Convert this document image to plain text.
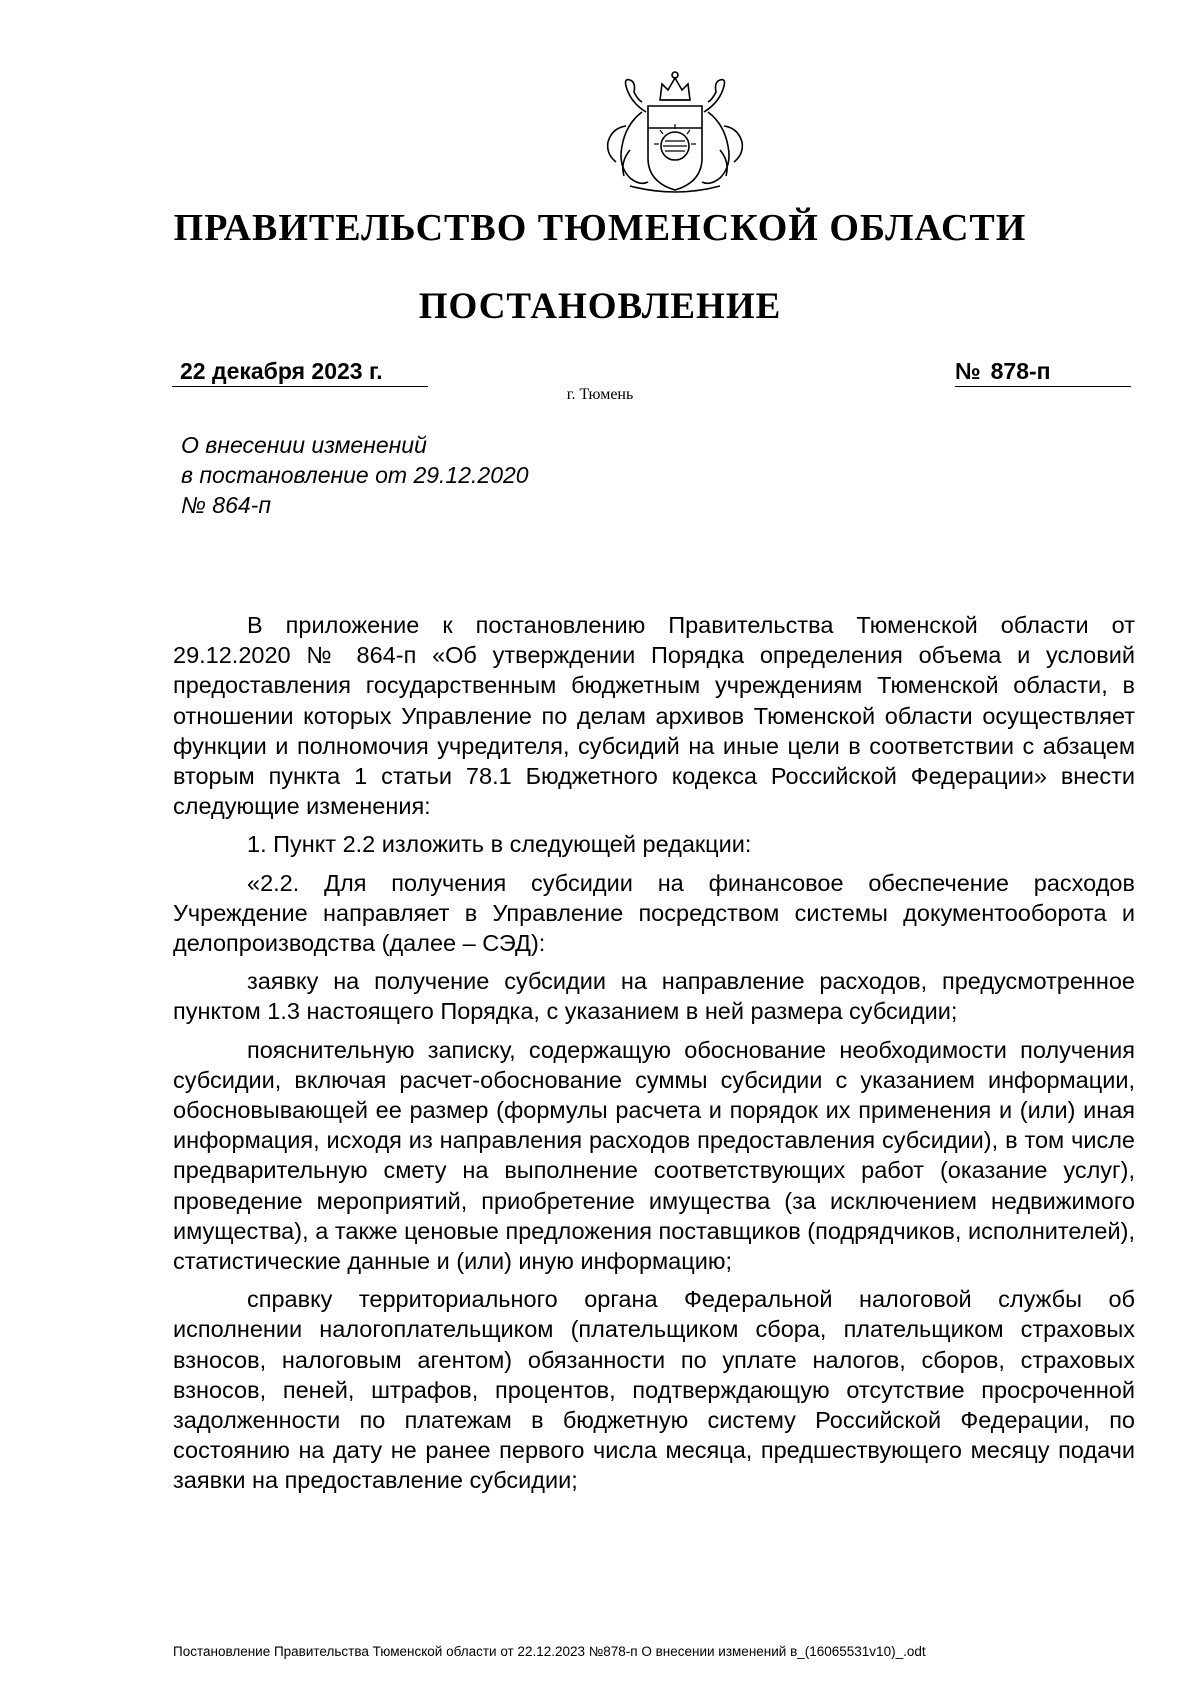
ПРАВИТЕЛЬСТВО ТЮМЕНСКОЙ ОБЛАСТИ
ПОСТАНОВЛЕНИЕ
22 декабря 2023 г.	№ 878-п
г. Тюмень
О внесении изменений
в постановление от 29.12.2020
№ 864-п

В приложение к постановлению Правительства Тюменской области от 29.12.2020 № 864-п «Об утверждении Порядка определения объема и условий предоставления государственным бюджетным учреждениям Тюменской области, в отношении которых Управление по делам архивов Тюменской области осуществляет функции и полномочия учредителя, субсидий на иные цели в соответствии с абзацем вторым пункта 1 статьи 78.1 Бюджетного кодекса Российской Федерации» внести следующие изменения:

1. Пункт 2.2 изложить в следующей редакции:

«2.2. Для получения субсидии на финансовое обеспечение расходов Учреждение направляет в Управление посредством системы документооборота и делопроизводства (далее – СЭД):

заявку на получение субсидии на направление расходов, предусмотренное пунктом 1.3 настоящего Порядка, с указанием в ней размера субсидии;

пояснительную записку, содержащую обоснование необходимости получения субсидии, включая расчет-обоснование суммы субсидии с указанием информации, обосновывающей ее размер (формулы расчета и порядок их применения и (или) иная информация, исходя из направления расходов предоставления субсидии), в том числе предварительную смету на выполнение соответствующих работ (оказание услуг), проведение мероприятий, приобретение имущества (за исключением недвижимого имущества), а также ценовые предложения поставщиков (подрядчиков, исполнителей), статистические данные и (или) иную информацию;

справку территориального органа Федеральной налоговой службы об исполнении налогоплательщиком (плательщиком сбора, плательщиком страховых взносов, налоговым агентом) обязанности по уплате налогов, сборов, страховых взносов, пеней, штрафов, процентов, подтверждающую отсутствие просроченной задолженности по платежам в бюджетную систему Российской Федерации, по состоянию на дату не ранее первого числа месяца, предшествующего месяцу подачи заявки на предоставление субсидии;

Постановление Правительства Тюменской области от 22.12.2023 №878-п О внесении изменений в_(16065531v10)_.odt
